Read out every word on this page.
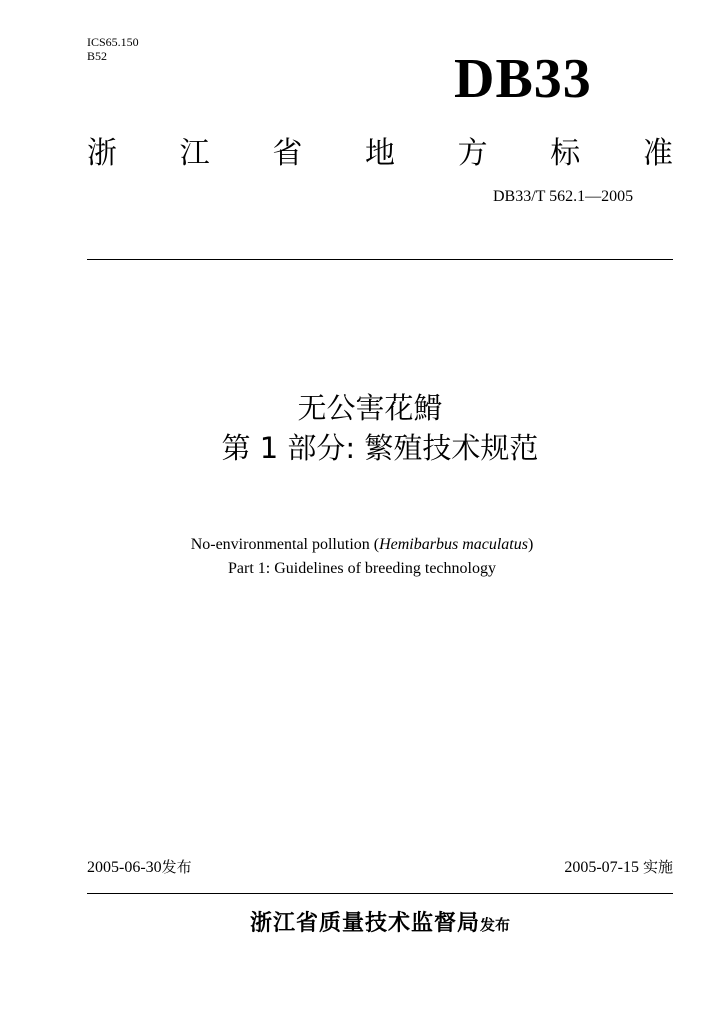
ICS65.150
B52	DB33
浙 江 省 地 方 标 准
DB33/T 562.1—2005
无公害花䱻
第 1 部分: 繁殖技术规范
No-environmental pollution (Hemibarbus maculatus)
Part 1: Guidelines of breeding technology
2005-06-30发布	2005-07-15 实施
浙江省质量技术监督局发布
